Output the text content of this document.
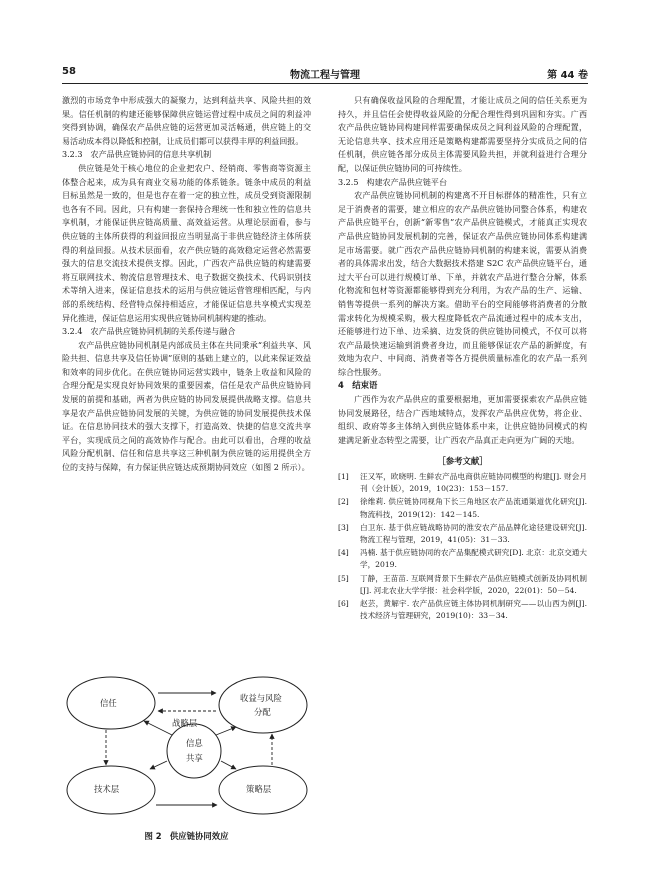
58	物流工程与管理	第 44 卷

激烈的市场竞争中形成强大的凝聚力，达到利益共享、风险共担的效果。信任机制的构建还能够保障供应链运营过程中成员之间的利益冲突得到协调，确保农产品供应链的运营更加灵活畅通，供应链上的交易活动成本得以降低和控制，让成员们都可以获得丰厚的利益回报。

3.2.3　农产品供应链协同的信息共享机制

供应链是处于核心地位的企业把农户、经销商、零售商等资源主体整合起来，成为具有商业交易功能的体系链条。链条中成员的利益目标虽然是一致的，但是也存在着一定的独立性，成员受到资源限制也各有不同。因此，只有构建一套保持合理统一性和独立性的信息共享机制，才能保证供应链高质量、高效益运营。从理论层面看，参与供应链的主体所获得的利益回报应当明显高于非供应链经济主体所获得的利益回报。从技术层面看，农产供应链的高效稳定运营必然需要强大的信息交流技术提供支撑。因此，广西农产品供应链的构建需要将互联网技术、物流信息管理技术、电子数据交换技术、代码识别技术等纳入进来，保证信息技术的运用与供应链运营管理相匹配，与内部的系统结构、经营特点保持相适应，才能保证信息共享模式实现差异化推进，保证信息运用实现供应链协同机制构建的推动。

3.2.4　农产品供应链协同机制的关系传递与融合

农产品供应链协同机制是内部成员主体在共同秉承“利益共享、风险共担、信息共享及信任协调”原则的基础上建立的，以此来保证效益和效率的同步优化。在供应链协同运营实践中，链条上收益和风险的合理分配是实现良好协同效果的重要因素，信任是农产品供应链协同发展的前提和基础，两者为供应链的协同发展提供战略支撑。信息共享是农产品供应链协同发展的关键，为供应链的协同发展提供技术保证。在信息协同技术的强大支撑下，打造高效、快捷的信息交流共享平台，实现成员之间的高效协作与配合。由此可以看出，合理的收益风险分配机制、信任和信息共享这三种机制为供应链的运用提供全方位的支持与保障，有力保证供应链达成预期协同效应（如图 2 所示）。

信任	收益与风险
分配
战略层
信息
共享
技术层	策略层
图 2　供应链协同效应

只有确保收益风险的合理配置，才能让成员之间的信任关系更为持久，并且信任会使得收益风险的分配合理性得到巩固和夯实。广西农产品供应链协同构建同样需要确保成员之间利益风险的合理配置，无论信息共享、技术应用还是策略构建都需要坚持分实成员之间的信任机制，供应链各部分成员主体需要风险共担，并就利益进行合理分配，以保证供应链协同的可持续性。

3.2.5　构建农产品供应链平台

农产品供应链协同机制的构建离不开目标群体的精准性，只有立足于消费者的需要，建立相应的农产品供应链协同整合体系，构建农产品供应链平台，创新“新零售”农产品供应链模式，才能真正实现农产品供应链协同发展机制的完善，保证农产品供应链协同体系构建满足市场需要。就广西农产品供应链协同机制的构建来说，需要从消费者的具体需求出发，结合大数据技术搭建 S2C 农产品供应链平台，通过大平台可以进行规模订单、下单，并就农产品进行整合分解，体系化物流和包材等资源都能够得到充分利用，为农产品的生产、运输、销售等提供一系列的解决方案。借助平台的空间能够将消费者的分散需求转化为规模采购，极大程度降低农产品流通过程中的成本支出，还能够进行边下单、边采摘、边发货的供应链协同模式，不仅可以将农产品最快速运输到消费者身边，而且能够保证农产品的新鲜度，有效地为农户、中间商、消费者等各方提供质量标准化的农产品一系列综合性服务。

4　结束语

广西作为农产品供应的重要根据地，更加需要探索农产品供应链协同发展路径，结合广西地域特点，发挥农产品供应优势，将企业、组织、政府等多主体纳入到供应链体系中来，让供应链协同模式的构建满足新业态转型之需要，让广西农产品真正走向更为广阔的天地。

［参考文献］
[1] 汪又军，欧晓明. 生鲜农产品电商供应链协同模型的构建[J]. 财会月刊（会计版），2019，10(23)：153－157.
[2] 徐维莉. 供应链协同视角下长三角地区农产品流通渠道优化研究[J]. 物流科技，2019(12)：142－145.
[3] 白卫东. 基于供应链战略协同的淮安农产品品牌化途径建设研究[J]. 物流工程与管理，2019，41(05)：31－33.
[4] 冯楠. 基于供应链协同的农产品集配模式研究[D]. 北京：北京交通大学，2019.
[5] 丁静，王苗苗. 互联网背景下生鲜农产品供应链模式创新及协同机制[J]. 河北农业大学学报：社会科学版，2020，22(01)：50－54.
[6] 赵芸，黄解宇. 农产品供应链主体协同机制研究——以山西为例[J]. 技术经济与管理研究，2019(10)：33－34.
